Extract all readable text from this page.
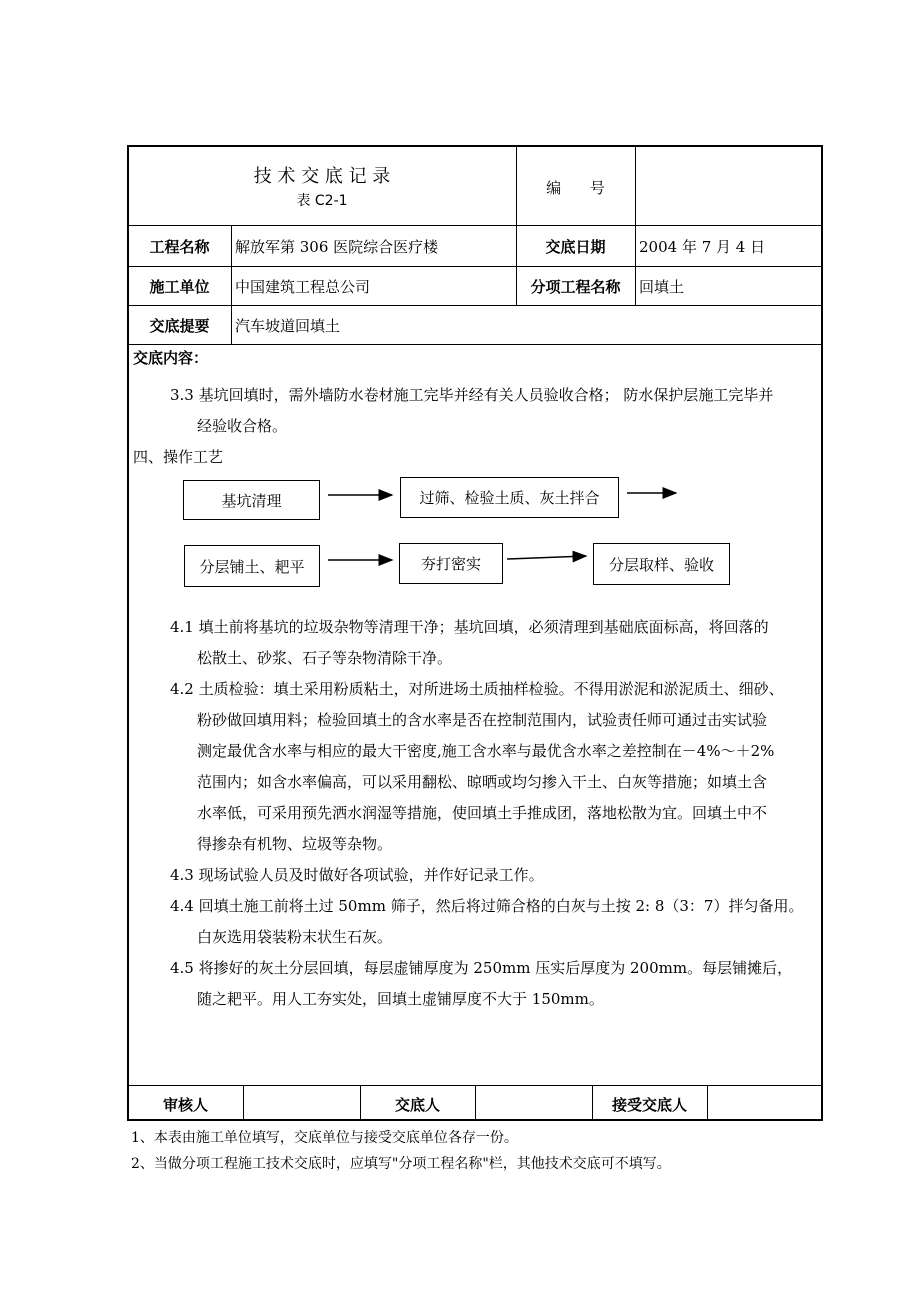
技 术 交 底 记 录
表 C2-1
编 号
工程名称	解放军第 306 医院综合医疗楼	交底日期	2004 年 7 月 4 日
施工单位	中国建筑工程总公司	分项工程名称	回填土
交底提要	汽车坡道回填土
交底内容：
3.3 基坑回填时，需外墙防水卷材施工完毕并经有关人员验收合格； 防水保护层施工完毕并
经验收合格。
四、操作工艺
基坑清理	过筛、检验土质、灰土拌合
分层铺土、耙平	夯打密实	分层取样、验收
4.1 填土前将基坑的垃圾杂物等清理干净；基坑回填，必须清理到基础底面标高，将回落的
松散土、砂浆、石子等杂物清除干净。
4.2 土质检验：填土采用粉质粘土，对所进场土质抽样检验。不得用淤泥和淤泥质土、细砂、
粉砂做回填用料；检验回填土的含水率是否在控制范围内，试验责任师可通过击实试验
测定最优含水率与相应的最大干密度,施工含水率与最优含水率之差控制在－4%～＋2%
范围内；如含水率偏高，可以采用翻松、晾晒或均匀掺入干土、白灰等措施；如填土含
水率低，可采用预先洒水润湿等措施，使回填土手推成团，落地松散为宜。回填土中不
得掺杂有机物、垃圾等杂物。
4.3 现场试验人员及时做好各项试验，并作好记录工作。
4.4 回填土施工前将土过 50mm 筛子，然后将过筛合格的白灰与土按 2: 8（3：7）拌匀备用。
白灰选用袋装粉末状生石灰。
4.5 将掺好的灰土分层回填，每层虚铺厚度为 250mm 压实后厚度为 200mm。每层铺摊后，
随之耙平。用人工夯实处，回填土虚铺厚度不大于 150mm。
审核人	交底人	接受交底人
1、本表由施工单位填写，交底单位与接受交底单位各存一份。
2、当做分项工程施工技术交底时，应填写"分项工程名称"栏，其他技术交底可不填写。
